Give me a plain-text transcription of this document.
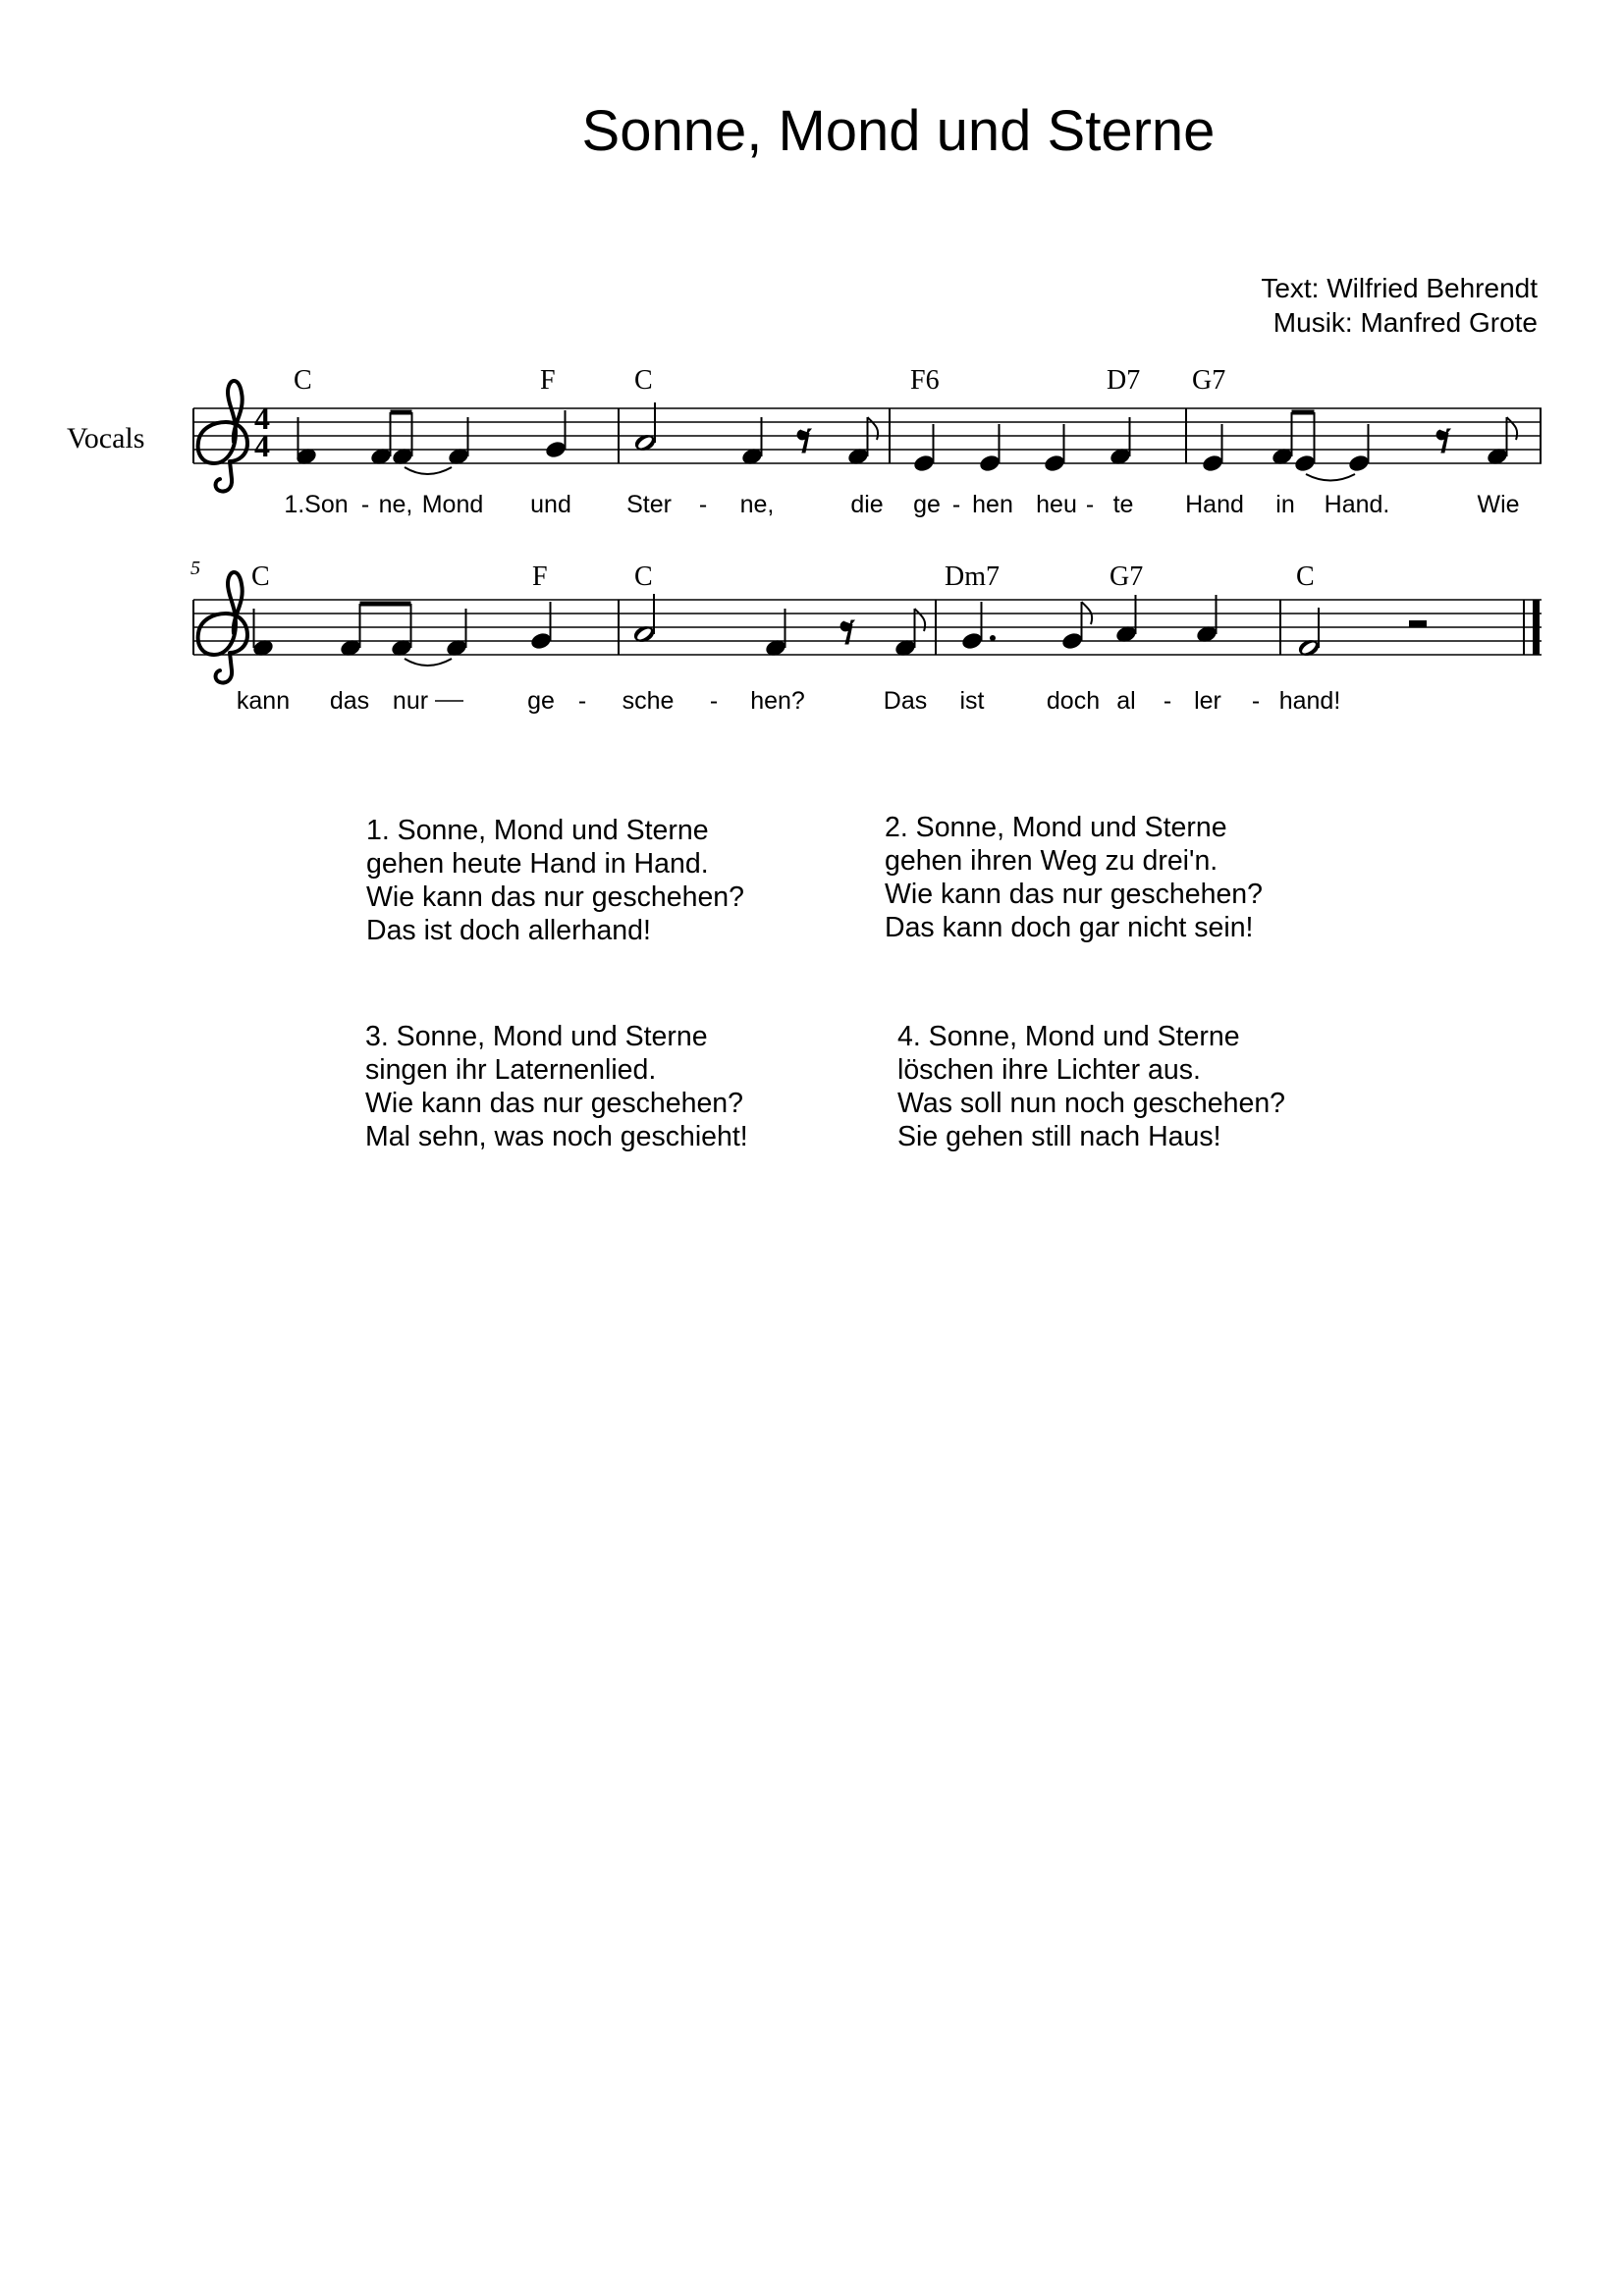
Sonne, Mond und Sterne
Text: Wilfried Behrendt
Musik: Manfred Grote
Vocals
C	F	C	F6	D7 G7
5 C	F	C	Dm7	G7	C
1.Son - ne, Mond und Ster - ne,	die ge - hen heu - te Hand in Hand.	Wie
kann das nur	ge - sche - hen?	Das ist	doch al - ler - hand!
4
4
1. Sonne, Mond und Sterne
gehen heute Hand in Hand.
Wie kann das nur geschehen?
Das ist doch allerhand!
2. Sonne, Mond und Sterne
gehen ihren Weg zu drei'n.
Wie kann das nur geschehen?
Das kann doch gar nicht sein!
3. Sonne, Mond und Sterne
singen ihr Laternenlied.
Wie kann das nur geschehen?
Mal sehn, was noch geschieht!
4. Sonne, Mond und Sterne
löschen ihre Lichter aus.
Was soll nun noch geschehen?
Sie gehen still nach Haus!
